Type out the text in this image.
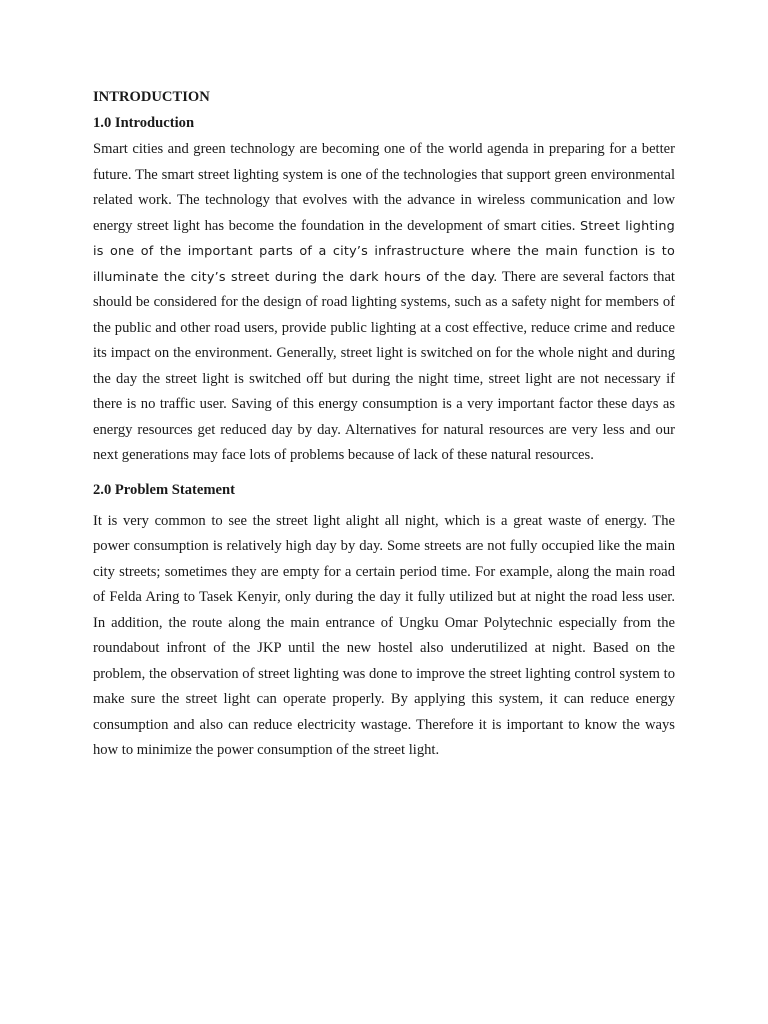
INTRODUCTION

1.0 Introduction

Smart cities and green technology are becoming one of the world agenda in preparing for a better future. The smart street lighting system is one of the technologies that support green environmental related work. The technology that evolves with the advance in wireless communication and low energy street light has become the foundation in the development of smart cities. Street lighting is one of the important parts of a city’s infrastructure where the main function is to illuminate the city’s street during the dark hours of the day. There are several factors that should be considered for the design of road lighting systems, such as a safety night for members of the public and other road users, provide public lighting at a cost effective, reduce crime and reduce its impact on the environment. Generally, street light is switched on for the whole night and during the day the street light is switched off but during the night time, street light are not necessary if there is no traffic user. Saving of this energy consumption is a very important factor these days as energy resources get reduced day by day. Alternatives for natural resources are very less and our next generations may face lots of problems because of lack of these natural resources.

2.0 Problem Statement

It is very common to see the street light alight all night, which is a great waste of energy. The power consumption is relatively high day by day. Some streets are not fully occupied like the main city streets; sometimes they are empty for a certain period time. For example, along the main road of Felda Aring to Tasek Kenyir, only during the day it fully utilized but at night the road less user. In addition, the route along the main entrance of Ungku Omar Polytechnic especially from the roundabout infront of the JKP until the new hostel also underutilized at night. Based on the problem, the observation of street lighting was done to improve the street lighting control system to make sure the street light can operate properly. By applying this system, it can reduce energy consumption and also can reduce electricity wastage. Therefore it is important to know the ways how to minimize the power consumption of the street light.
